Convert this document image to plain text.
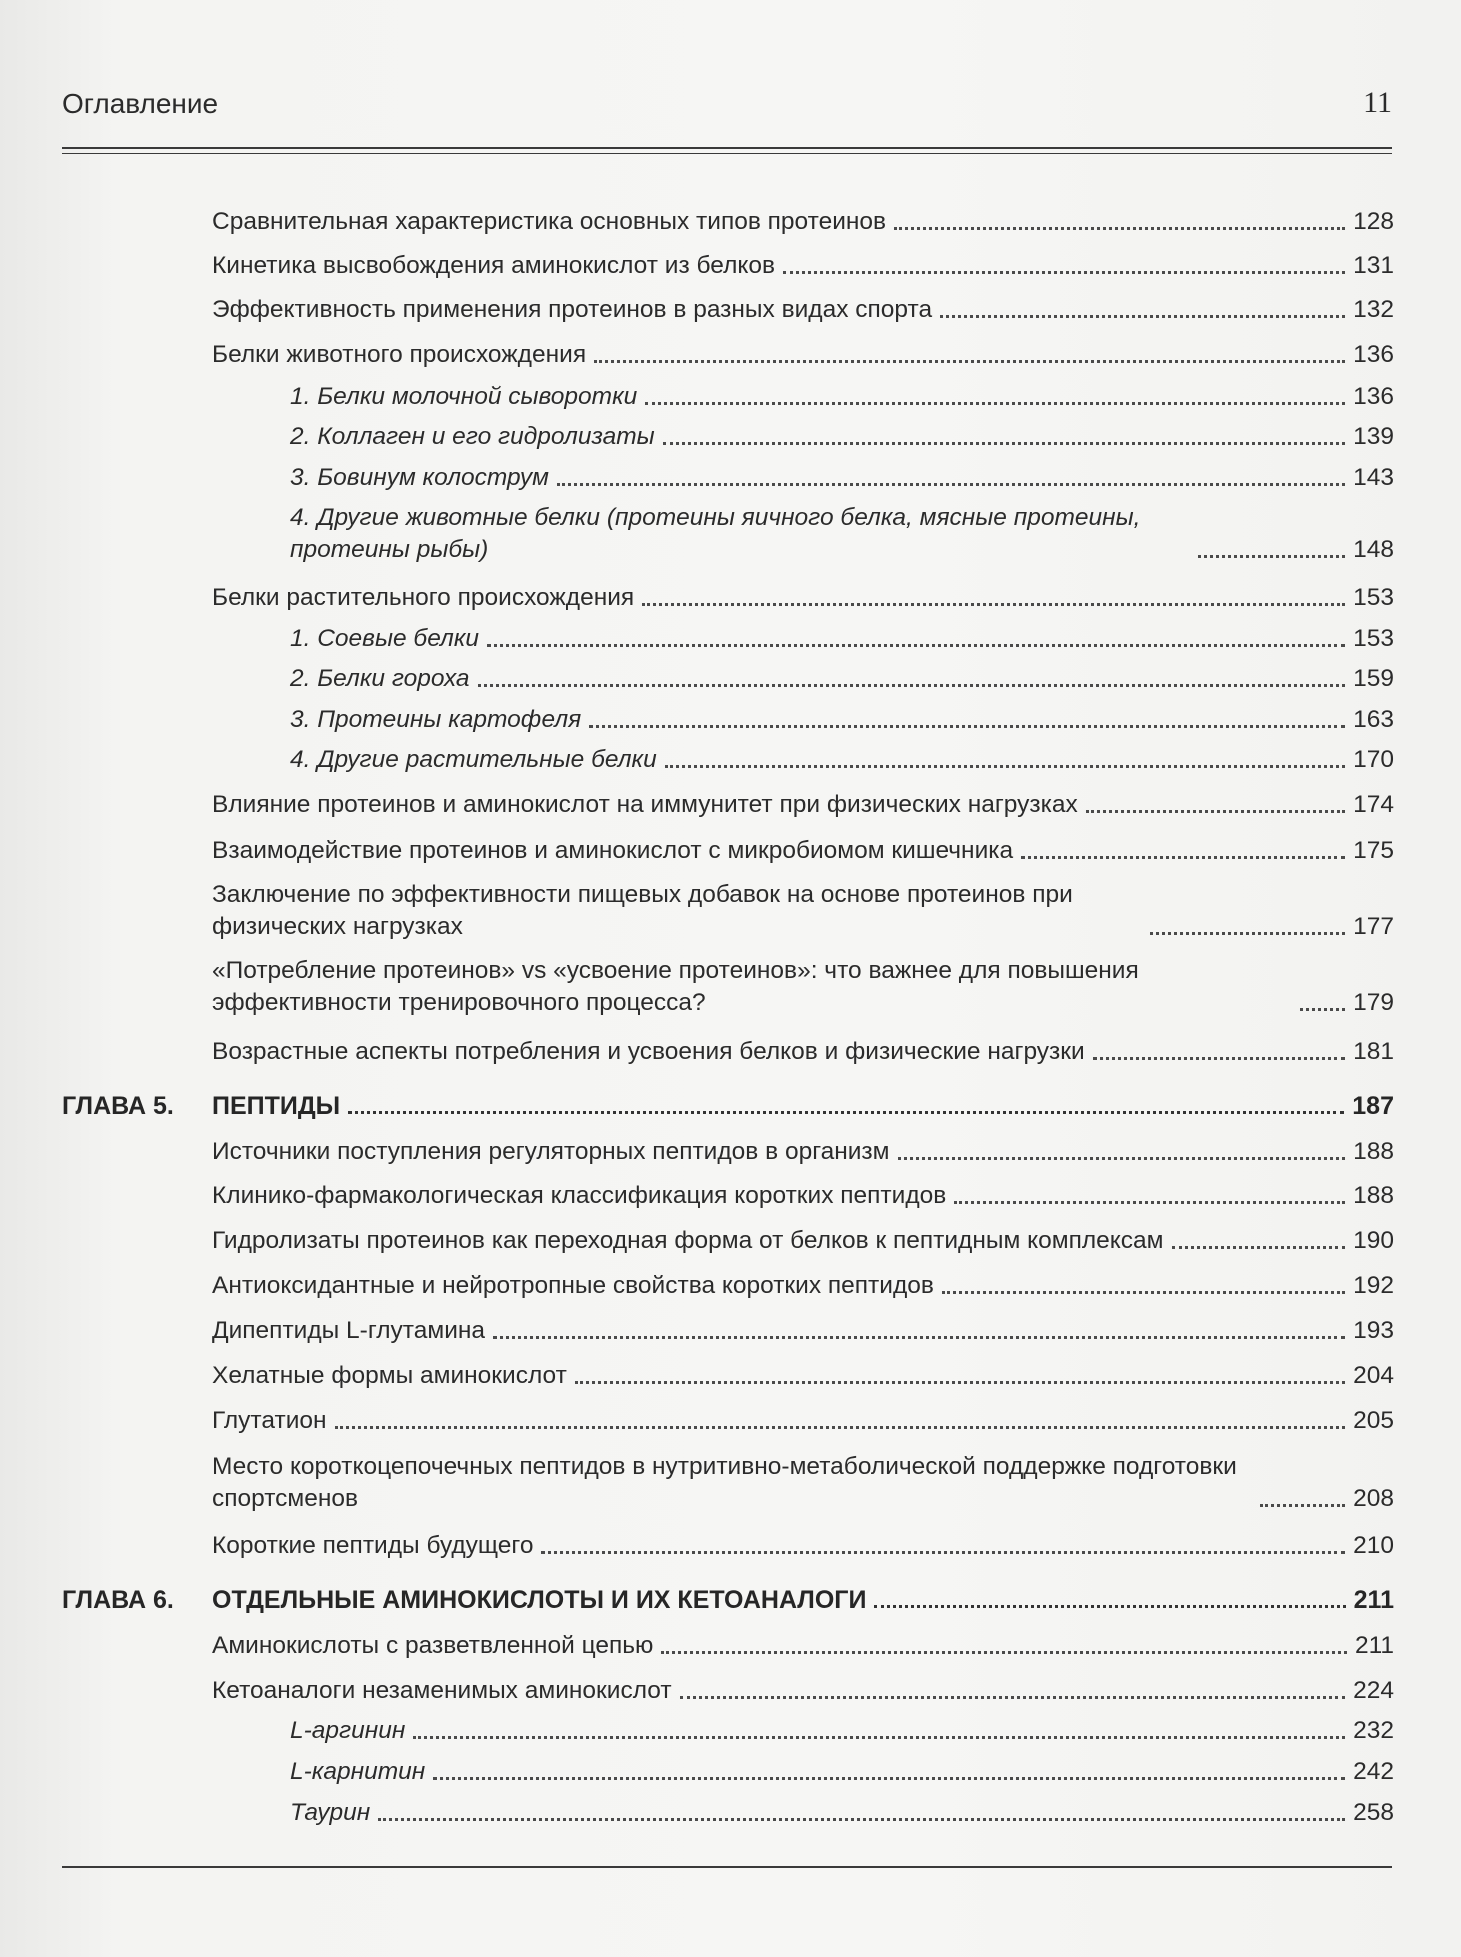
Оглавление	11
Сравнительная характеристика основных типов протеинов	128
Кинетика высвобождения аминокислот из белков	131
Эффективность применения протеинов в разных видах спорта	132
Белки животного происхождения	136
1. Белки молочной сыворотки	136
2. Коллаген и его гидролизаты	139
3. Бовинум колострум	143
4. Другие животные белки (протеины яичного белка, мясные протеины, протеины рыбы)	148
Белки растительного происхождения	153
1. Соевые белки	153
2. Белки гороха	159
3. Протеины картофеля	163
4. Другие растительные белки	170
Влияние протеинов и аминокислот на иммунитет при физических нагрузках	174
Взаимодействие протеинов и аминокислот с микробиомом кишечника	175
Заключение по эффективности пищевых добавок на основе протеинов при физических нагрузках	177
«Потребление протеинов» vs «усвоение протеинов»: что важнее для повышения эффективности тренировочного процесса?	179
Возрастные аспекты потребления и усвоения белков и физические нагрузки	181
ГЛАВА 5.	ПЕПТИДЫ	187
Источники поступления регуляторных пептидов в организм	188
Клинико-фармакологическая классификация коротких пептидов	188
Гидролизаты протеинов как переходная форма от белков к пептидным комплексам	190
Антиоксидантные и нейротропные свойства коротких пептидов	192
Дипептиды L-глутамина	193
Хелатные формы аминокислот	204
Глутатион	205
Место короткоцепочечных пептидов в нутритивно-метаболической поддержке подготовки спортсменов	208
Короткие пептиды будущего	210
ГЛАВА 6.	ОТДЕЛЬНЫЕ АМИНОКИСЛОТЫ И ИХ КЕТОАНАЛОГИ	211
Аминокислоты с разветвленной цепью	211
Кетоаналоги незаменимых аминокислот	224
L-аргинин	232
L-карнитин	242
Таурин	258
